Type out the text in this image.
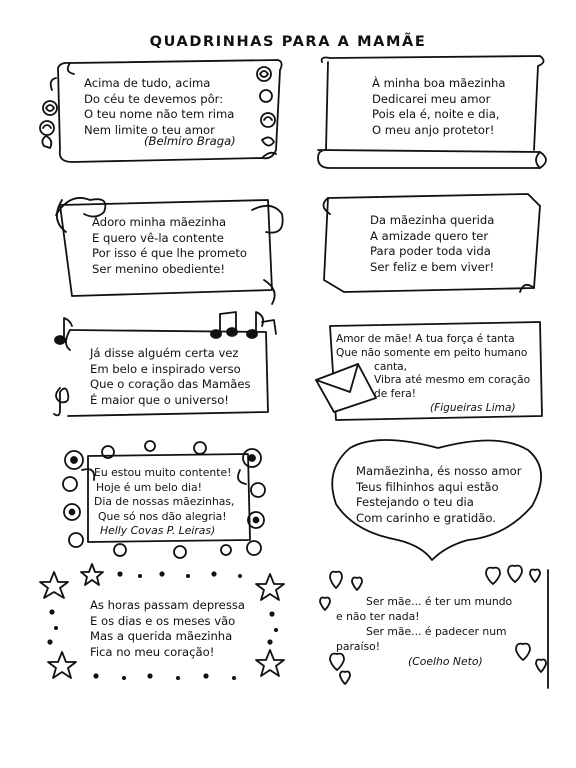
QUADRINHAS PARA A MAMÃE
Acima de tudo, acima
Do céu te devemos pôr:
O teu nome não tem rima
Nem limite o teu amor
(Belmiro Braga)
À minha boa mãezinha
Dedicarei meu amor
Pois ela é, noite e dia,
O meu anjo protetor!
Adoro minha mãezinha
E quero vê-la contente
Por isso é que lhe prometo
Ser menino obediente!
Da mãezinha querida
A amizade quero ter
Para poder toda vida
Ser feliz e bem viver!
Já disse alguém certa vez
Em belo e inspirado verso
Que o coração das Mamães
É maior que o universo!
Amor de mãe! A tua força é tanta
Que não somente em peito humano
canta,
Vibra até mesmo em coração
de fera!
(Figueiras Lima)
Eu estou muito contente!
Hoje é um belo dia!
Dia de nossas mãezinhas,
Que só nos dão alegria!
Helly Covas P. Leiras)
Mamãezinha, és nosso amor
Teus filhinhos aqui estão
Festejando o teu dia
Com carinho e gratidão.
As horas passam depressa
E os dias e os meses vão
Mas a querida mãezinha
Fica no meu coração!
Ser mãe... é ter um mundo
e não ter nada!
Ser mãe... é padecer num
paraíso!
(Coelho Neto)
